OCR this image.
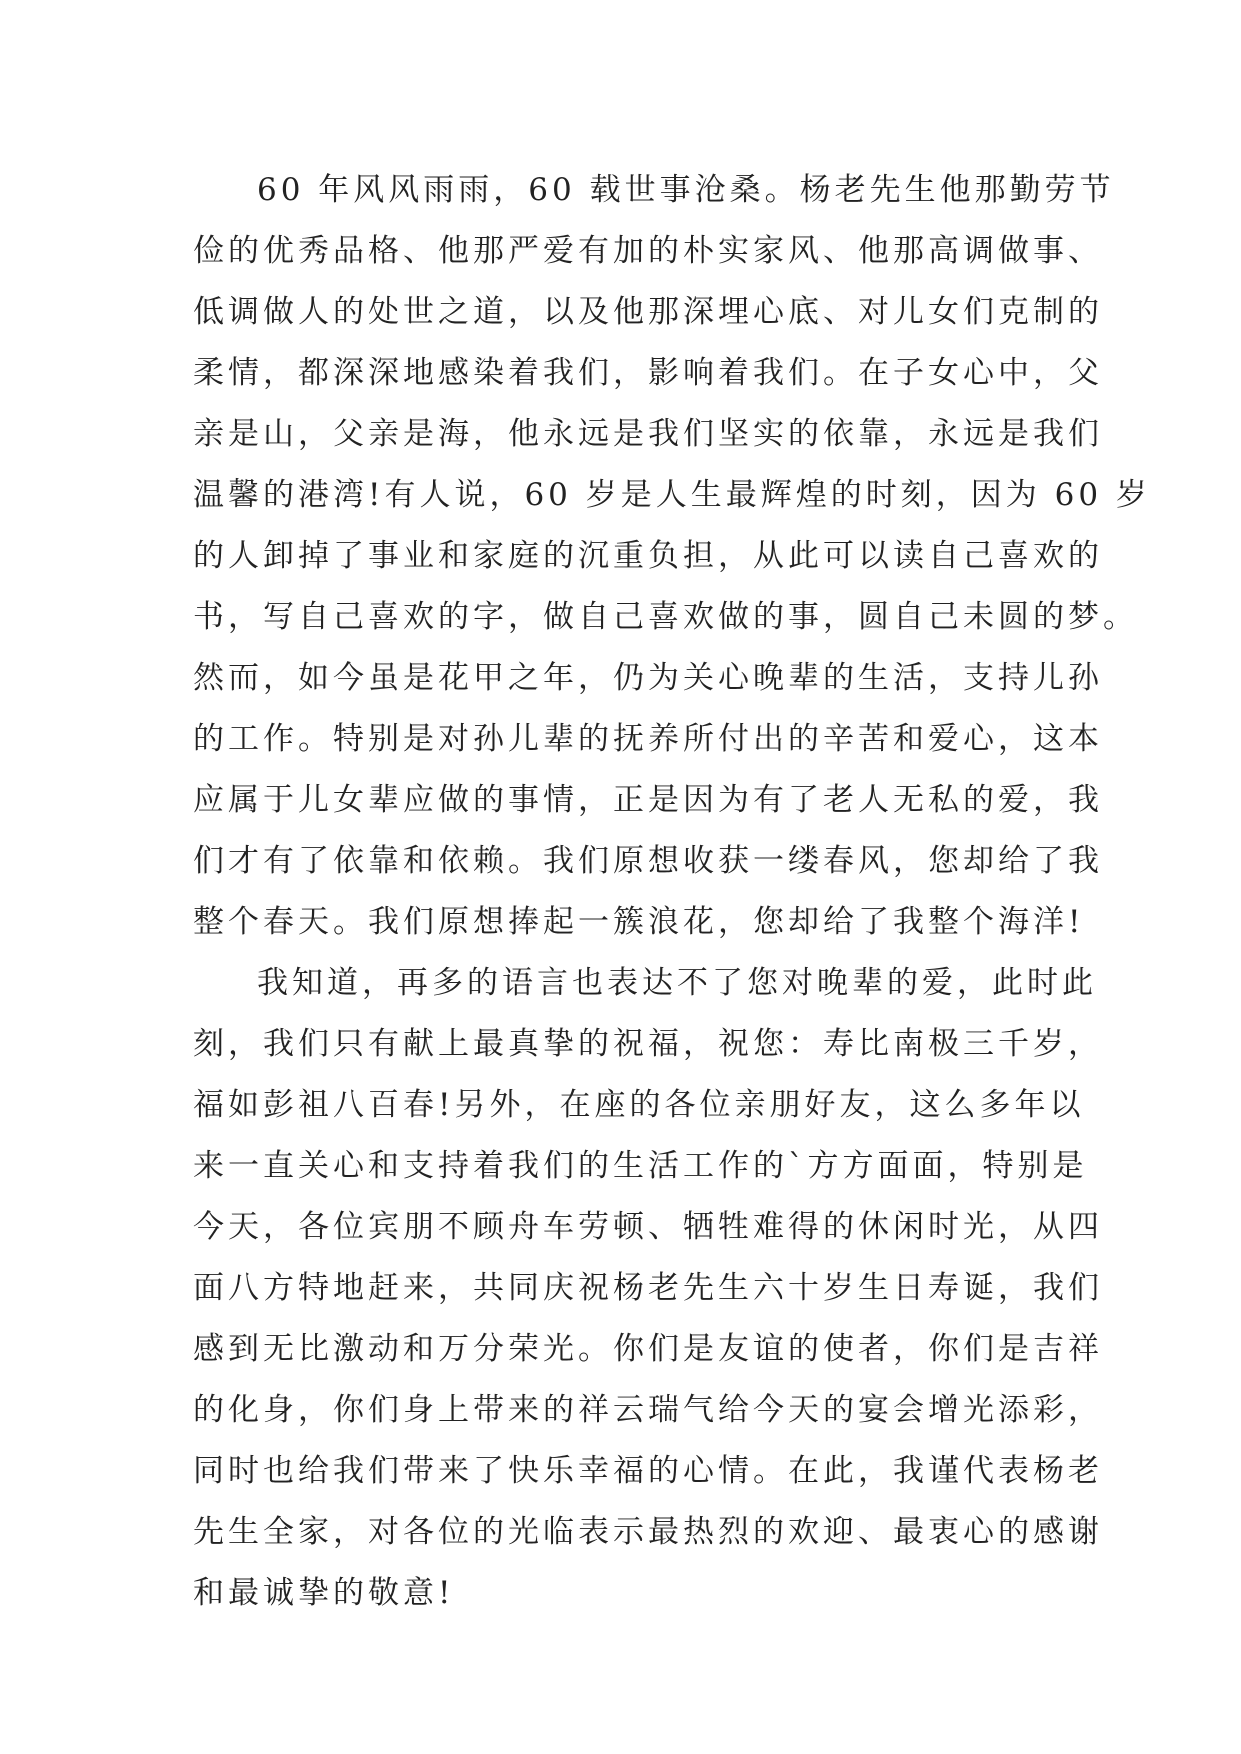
60 年风风雨雨，60 载世事沧桑。杨老先生他那勤劳节
俭的优秀品格、他那严爱有加的朴实家风、他那高调做事、
低调做人的处世之道，以及他那深埋心底、对儿女们克制的
柔情，都深深地感染着我们，影响着我们。在子女心中，父
亲是山，父亲是海，他永远是我们坚实的依靠，永远是我们
温馨的港湾!有人说，60 岁是人生最辉煌的时刻，因为 60 岁
的人卸掉了事业和家庭的沉重负担，从此可以读自己喜欢的
书，写自己喜欢的字，做自己喜欢做的事，圆自己未圆的梦。
然而，如今虽是花甲之年，仍为关心晚辈的生活，支持儿孙
的工作。特别是对孙儿辈的抚养所付出的辛苦和爱心，这本
应属于儿女辈应做的事情，正是因为有了老人无私的爱，我
们才有了依靠和依赖。我们原想收获一缕春风，您却给了我
整个春天。我们原想捧起一簇浪花，您却给了我整个海洋!
我知道，再多的语言也表达不了您对晚辈的爱，此时此
刻，我们只有献上最真挚的祝福，祝您：寿比南极三千岁，
福如彭祖八百春!另外，在座的各位亲朋好友，这么多年以
来一直关心和支持着我们的生活工作的`方方面面，特别是
今天，各位宾朋不顾舟车劳顿、牺牲难得的休闲时光，从四
面八方特地赶来，共同庆祝杨老先生六十岁生日寿诞，我们
感到无比激动和万分荣光。你们是友谊的使者，你们是吉祥
的化身，你们身上带来的祥云瑞气给今天的宴会增光添彩，
同时也给我们带来了快乐幸福的心情。在此，我谨代表杨老
先生全家，对各位的光临表示最热烈的欢迎、最衷心的感谢
和最诚挚的敬意!
